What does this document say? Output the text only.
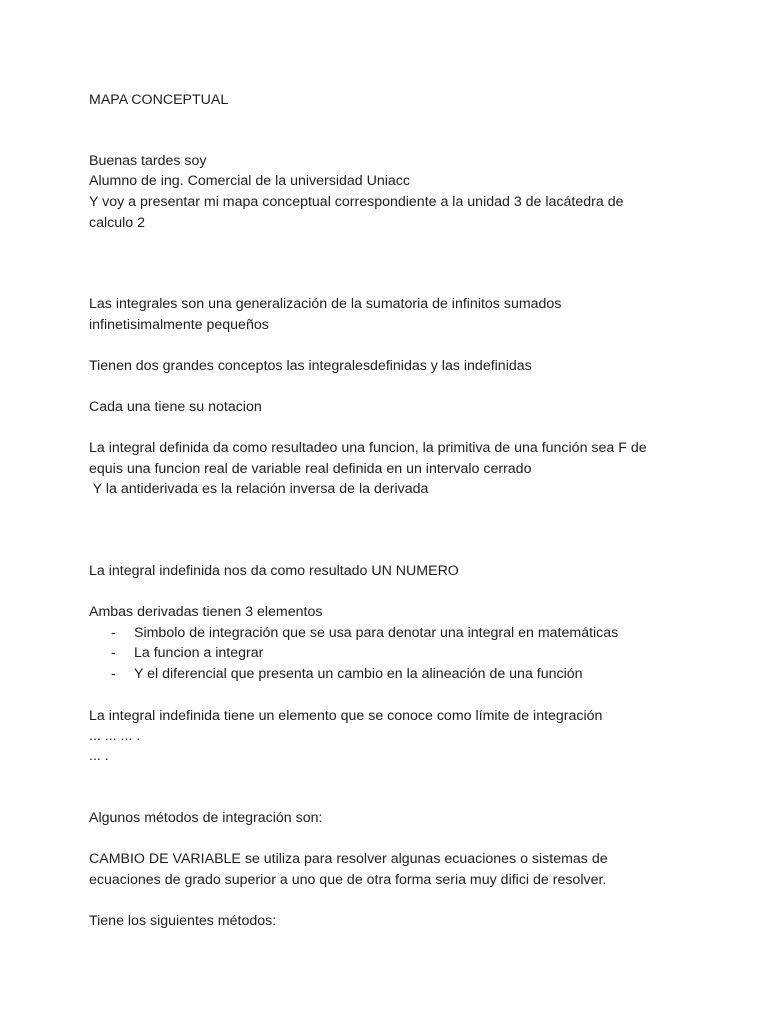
MAPA CONCEPTUAL
Buenas tardes soy
Alumno de ing. Comercial de la universidad Uniacc
Y voy a presentar mi mapa conceptual correspondiente a la unidad 3 de lacátedra de
calculo 2
Las integrales son una generalización de la sumatoria de infinitos sumados
infinetisimalmente pequeños
Tienen dos grandes conceptos las integralesdefinidas y las indefinidas
Cada una tiene su notacion
La integral definida da como resultadeo una funcion, la primitiva de una función sea F de
equis una funcion real de variable real definida en un intervalo cerrado
Y la antiderivada es la relación inversa de la derivada
La integral indefinida nos da como resultado UN NUMERO
Ambas derivadas tienen 3 elementos
- Simbolo de integración que se usa para denotar una integral en matemáticas
- La funcion a integrar
- Y el diferencial que presenta un cambio en la alineación de una función
La integral indefinida tiene un elemento que se conoce como límite de integración
... ... ... .
... .
Algunos métodos de integración son:
CAMBIO DE VARIABLE se utiliza para resolver algunas ecuaciones o sistemas de
ecuaciones de grado superior a uno que de otra forma seria muy difici de resolver.
Tiene los siguientes métodos:
